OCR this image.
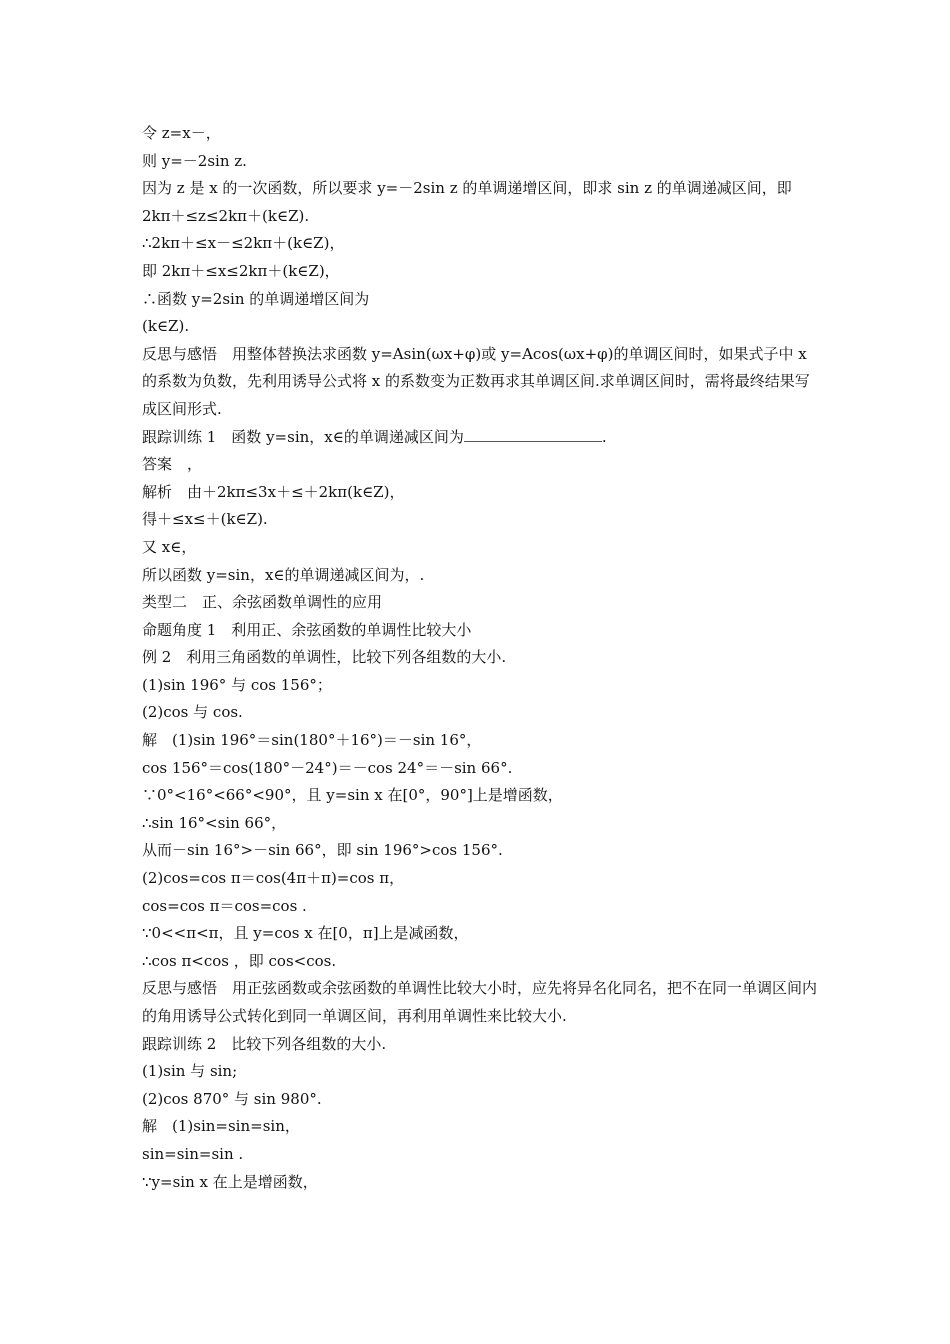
令 z=x－，
则 y=－2sin z.
因为 z 是 x 的一次函数，所以要求 y=－2sin z 的单调递增区间，即求 sin z 的单调递减区间，即 2kπ＋≤z≤2kπ＋(k∈Z).
∴2kπ＋≤x－≤2kπ＋(k∈Z)，
即 2kπ＋≤x≤2kπ＋(k∈Z)，
∴函数 y=2sin 的单调递增区间为
(k∈Z).
反思与感悟　用整体替换法求函数 y=Asin(ωx+φ)或 y=Acos(ωx+φ)的单调区间时，如果式子中 x 的系数为负数，先利用诱导公式将 x 的系数变为正数再求其单调区间.求单调区间时，需将最终结果写成区间形式.
跟踪训练 1　函数 y=sin，x∈的单调递减区间为	.
答案　，
解析　由＋2kπ≤3x＋≤＋2kπ(k∈Z)，
得＋≤x≤＋(k∈Z).
又 x∈，
所以函数 y=sin，x∈的单调递减区间为，.
类型二　正、余弦函数单调性的应用
命题角度 1　利用正、余弦函数的单调性比较大小
例 2　利用三角函数的单调性，比较下列各组数的大小.
(1)sin 196° 与 cos 156°；
(2)cos 与 cos.
解　(1)sin 196°＝sin(180°＋16°)＝－sin 16°，
cos 156°＝cos(180°－24°)＝－cos 24°＝－sin 66°.
∵0°<16°<66°<90°，且 y=sin x 在[0°，90°]上是增函数，
∴sin 16°<sin 66°，
从而－sin 16°>－sin 66°，即 sin 196°>cos 156°.
(2)cos=cos π＝cos(4π＋π)=cos π，
cos=cos π＝cos=cos .
∵0<<π<π，且 y=cos x 在[0，π]上是减函数，
∴cos π<cos ，即 cos<cos.
反思与感悟　用正弦函数或余弦函数的单调性比较大小时，应先将异名化同名，把不在同一单调区间内的角用诱导公式转化到同一单调区间，再利用单调性来比较大小.
跟踪训练 2　比较下列各组数的大小.
(1)sin 与 sin;
(2)cos 870° 与 sin 980°.
解　(1)sin=sin=sin，
sin=sin=sin .
∵y=sin x 在上是增函数，
